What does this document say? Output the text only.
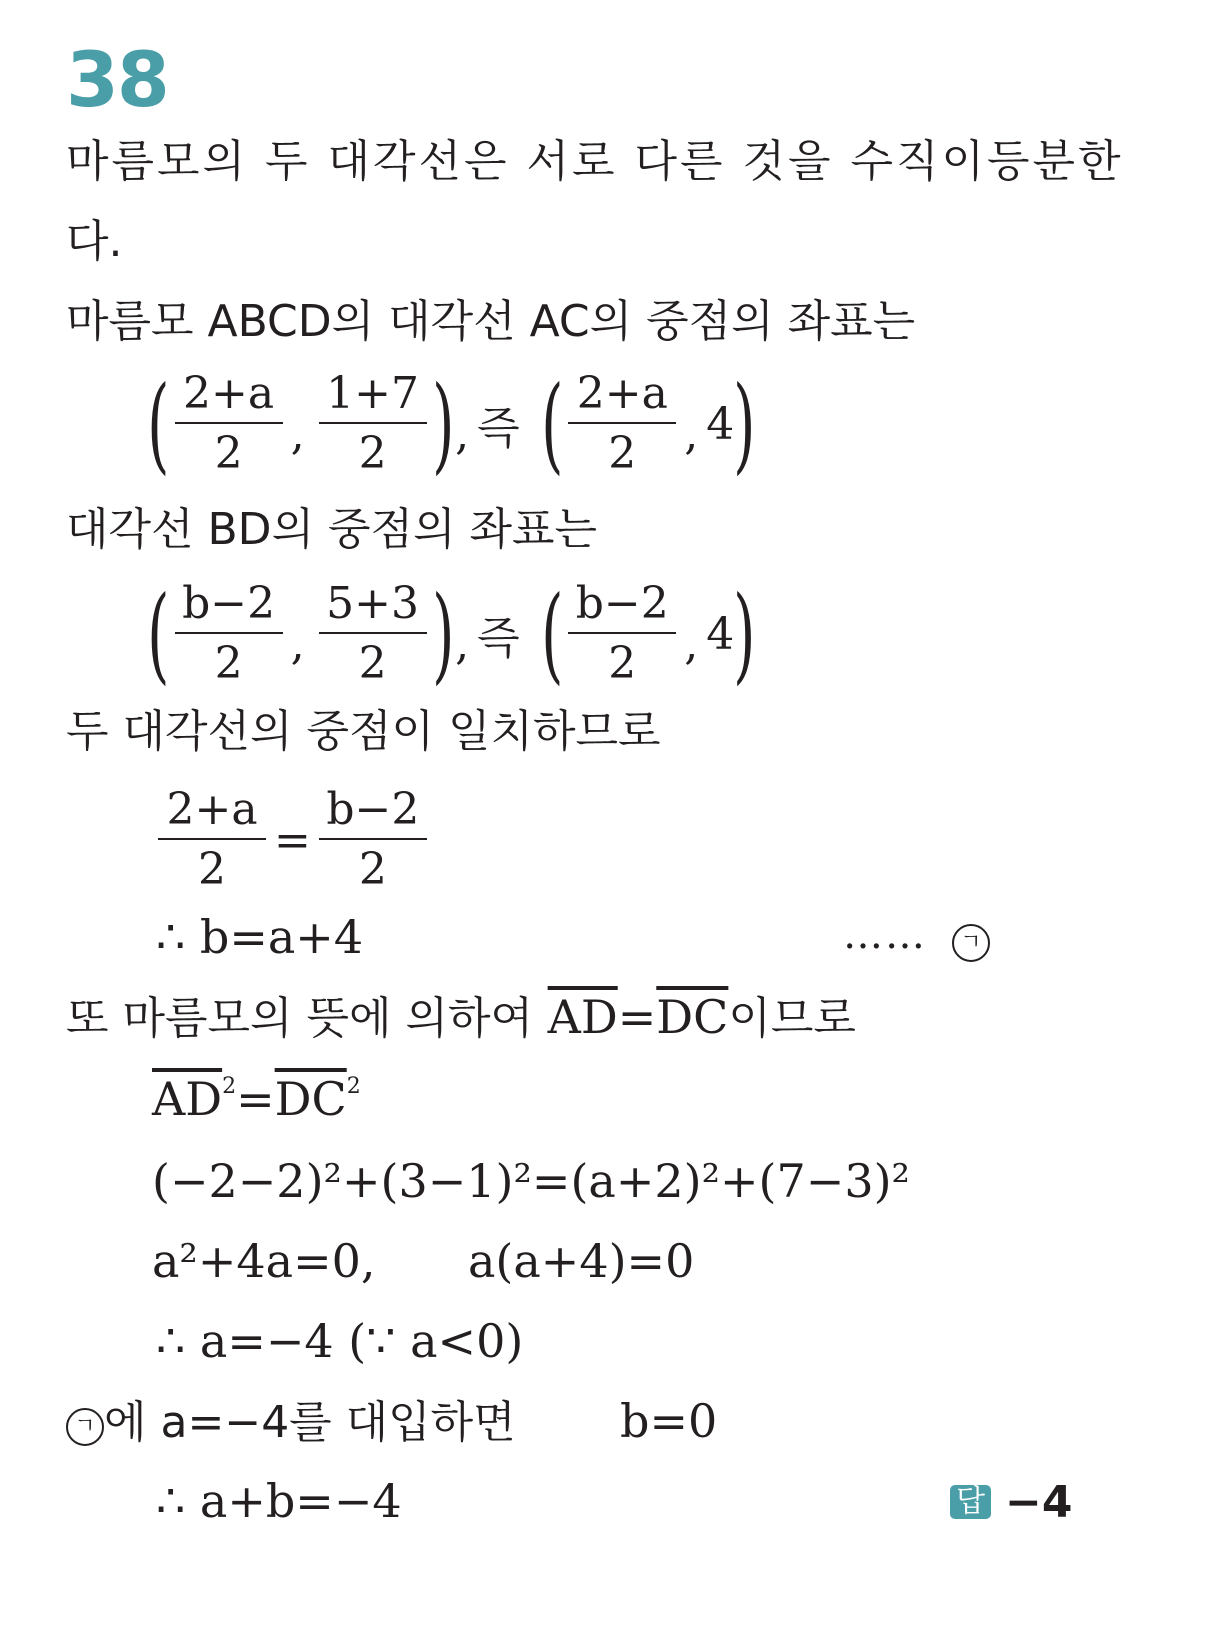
38
마름모의 두 대각선은 서로 다른 것을 수직이등분한
다.
마름모 ABCD의 대각선 AC의 중점의 좌표는
( $\frac{2+a}{2}$ , $\frac{1+7}{2}$ ) , 즉 ( $\frac{2+a}{2}$ , 4 )
대각선 BD의 중점의 좌표는
( $\frac{b-2}{2}$ , $\frac{5+3}{2}$ ) , 즉 ( $\frac{b-2}{2}$ , 4 )
두 대각선의 중점이 일치하므로
$\frac{2+a}{2} = \frac{b-2}{2}$
∴ b=a+4	……	ㄱ
또 마름모의 뜻에 의하여 $\overline{AD}=\overline{DC}$이므로
$\overline{AD}^2=\overline{DC}^2$
(−2−2)²+(3−1)²=(a+2)²+(7−3)²
a²+4a=0, a(a+4)=0
∴ a=−4 (∵ a<0)
ㄱ 에 a=−4를 대입하면 b=0
∴ a+b=−4	답 −4
